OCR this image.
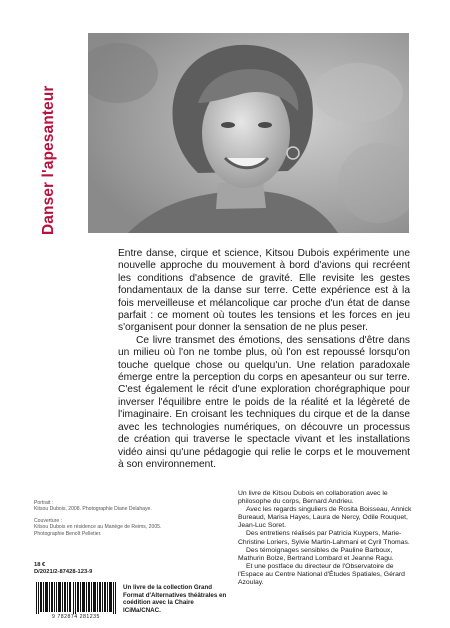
Danser l'apesanteur

Entre danse, cirque et science, Kitsou Dubois expérimente une nouvelle approche du mouvement à bord d'avions qui recréent les conditions d'absence de gravité. Elle revisite les gestes fondamentaux de la danse sur terre. Cette expérience est à la fois merveilleuse et mélancolique car proche d'un état de danse parfait : ce moment où toutes les tensions et les forces en jeu s'organisent pour donner la sensation de ne plus peser.

Ce livre transmet des émotions, des sensations d'être dans un milieu où l'on ne tombe plus, où l'on est repoussé lorsqu'on touche quelque chose ou quelqu'un. Une relation paradoxale émerge entre la perception du corps en apesanteur ou sur terre. C'est également le récit d'une exploration chorégraphique pour inverser l'équilibre entre le poids de la réalité et la légèreté de l'imaginaire. En croisant les techniques du cirque et de la danse avec les technologies numériques, on découvre un processus de création qui traverse le spectacle vivant et les installations vidéo ainsi qu'une pédagogie qui relie le corps et le mouvement à son environnement.

Portrait :
Kitsou Dubois, 2008. Photographie Diane Delahaye.
Couverture :
Kitsou Dubois en résidence au Manège de Reims, 2005. Photographie Benoît Pelletier.
18 €
D/2021/2-87428-123-9
9 782874 281235
Un livre de la collection Grand Format d'Alternatives théâtrales en coédition avec la Chaire ICiMa/CNAC.

Un livre de Kitsou Dubois en collaboration avec le philosophe du corps, Bernard Andrieu.

Avec les regards singuliers de Rosita Boisseau, Annick Bureaud, Marisa Hayes, Laura de Nercy, Odile Rouquet, Jean-Luc Soret.

Des entretiens réalisés par Patricia Kuypers, Marie-Christine Loriers, Sylvie Martin-Lahmani et Cyril Thomas.

Des témoignages sensibles de Pauline Barboux, Mathurin Bolze, Bertrand Lombard et Jeanne Ragu.

Et une postface du directeur de l'Observatoire de l'Espace au Centre National d'Études Spatiales, Gérard Azoulay.
